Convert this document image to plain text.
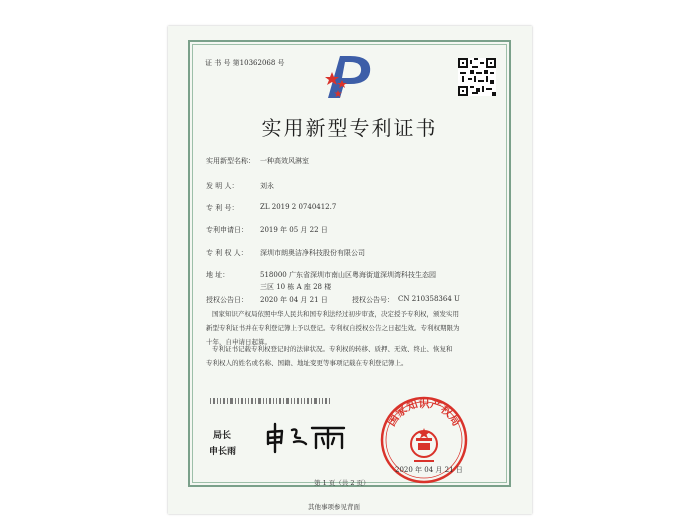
证 书 号 第10362068 号
实用新型专利证书
实用新型名称： 一种高效风淋室
发 明 人：	刘永
专 利 号：	ZL 2019 2 0740412.7
专利申请日： 2019 年 05 月 22 日
专 利 权 人： 深圳市朗奥洁净科技股份有限公司
地 址：	518000 广东省深圳市南山区粤海街道深圳湾科技生态园
三区 10 栋 A 座 28 楼
授权公告日： 2020 年 04 月 21 日	授权公告号： CN 210358364 U
国家知识产权局依照中华人民共和国专利法经过初步审查，决定授予专利权，颁发实用
新型专利证书并在专利登记簿上予以登记。专利权自授权公告之日起生效。专利权期限为
十年，自申请日起算。
专利证书记载专利权登记时的法律状况。专利权的转移、质押、无效、终止、恢复和
专利权人的姓名或名称、国籍、地址变更等事项记载在专利登记簿上。
局长
申长雨
国家知识产权局
2020 年 04 月 21 日
第 1 页（共 2 页）
其他事项参见背面
